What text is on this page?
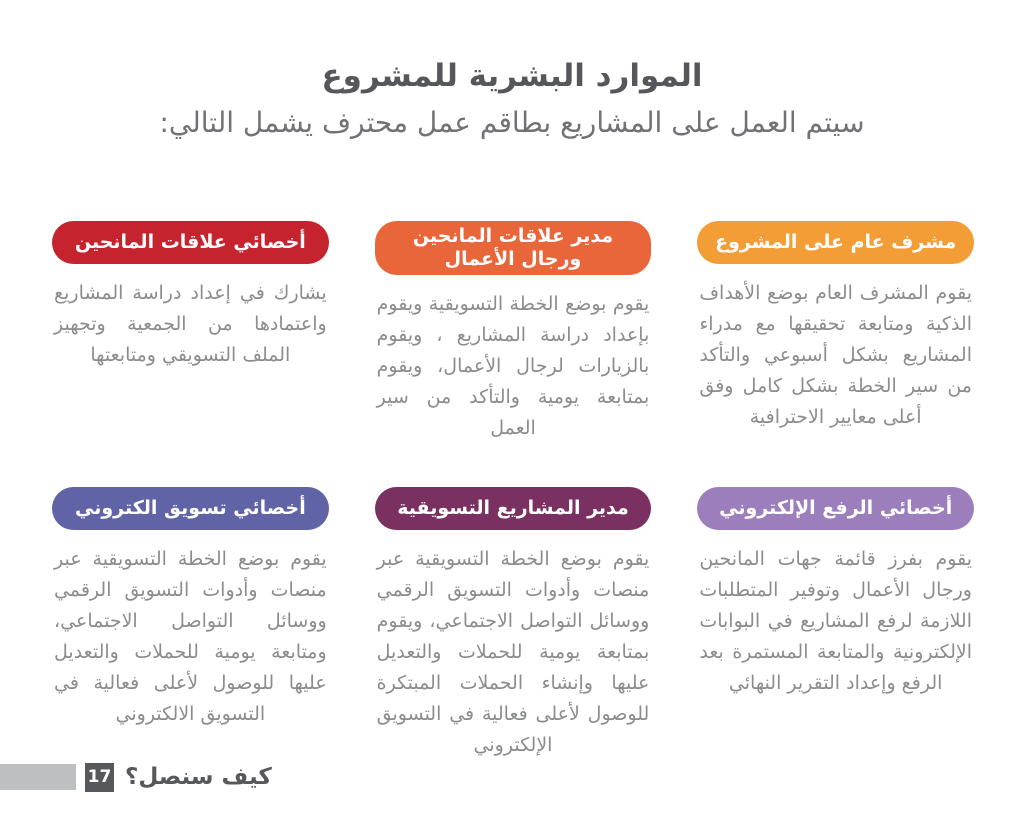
الموارد البشرية للمشروع
سيتم العمل على المشاريع بطاقم عمل محترف يشمل التالي:
مشرف عام على المشروع

يقوم المشرف العام بوضع الأهداف الذكية ومتابعة تحقيقها مع مدراء المشاريع بشكل أسبوعي والتأكد من سير الخطة بشكل كامل وفق أعلى معايير الاحترافية

مدير علاقات المانحين ورجال الأعمال

يقوم بوضع الخطة التسويقية ويقوم بإعداد دراسة المشاريع ، ويقوم بالزيارات لرجال الأعمال، ويقوم بمتابعة يومية والتأكد من سير العمل

أخصائي علاقات المانحين

يشارك في إعداد دراسة المشاريع واعتمادها من الجمعية وتجهيز الملف التسويقي ومتابعتها

أخصائي الرفع الإلكتروني

يقوم بفرز قائمة جهات المانحين ورجال الأعمال وتوفير المتطلبات اللازمة لرفع المشاريع في البوابات الإلكترونية والمتابعة المستمرة بعد الرفع وإعداد التقرير النهائي

مدير المشاريع التسويقية

يقوم بوضع الخطة التسويقية عبر منصات وأدوات التسويق الرقمي ووسائل التواصل الاجتماعي، ويقوم بمتابعة يومية للحملات والتعديل عليها وإنشاء الحملات المبتكرة للوصول لأعلى فعالية في التسويق الإلكتروني

أخصائي تسويق الكتروني

يقوم بوضع الخطة التسويقية عبر منصات وأدوات التسويق الرقمي ووسائل التواصل الاجتماعي، ومتابعة يومية للحملات والتعديل عليها للوصول لأعلى فعالية في التسويق الالكتروني

17 كيف سنصل؟
